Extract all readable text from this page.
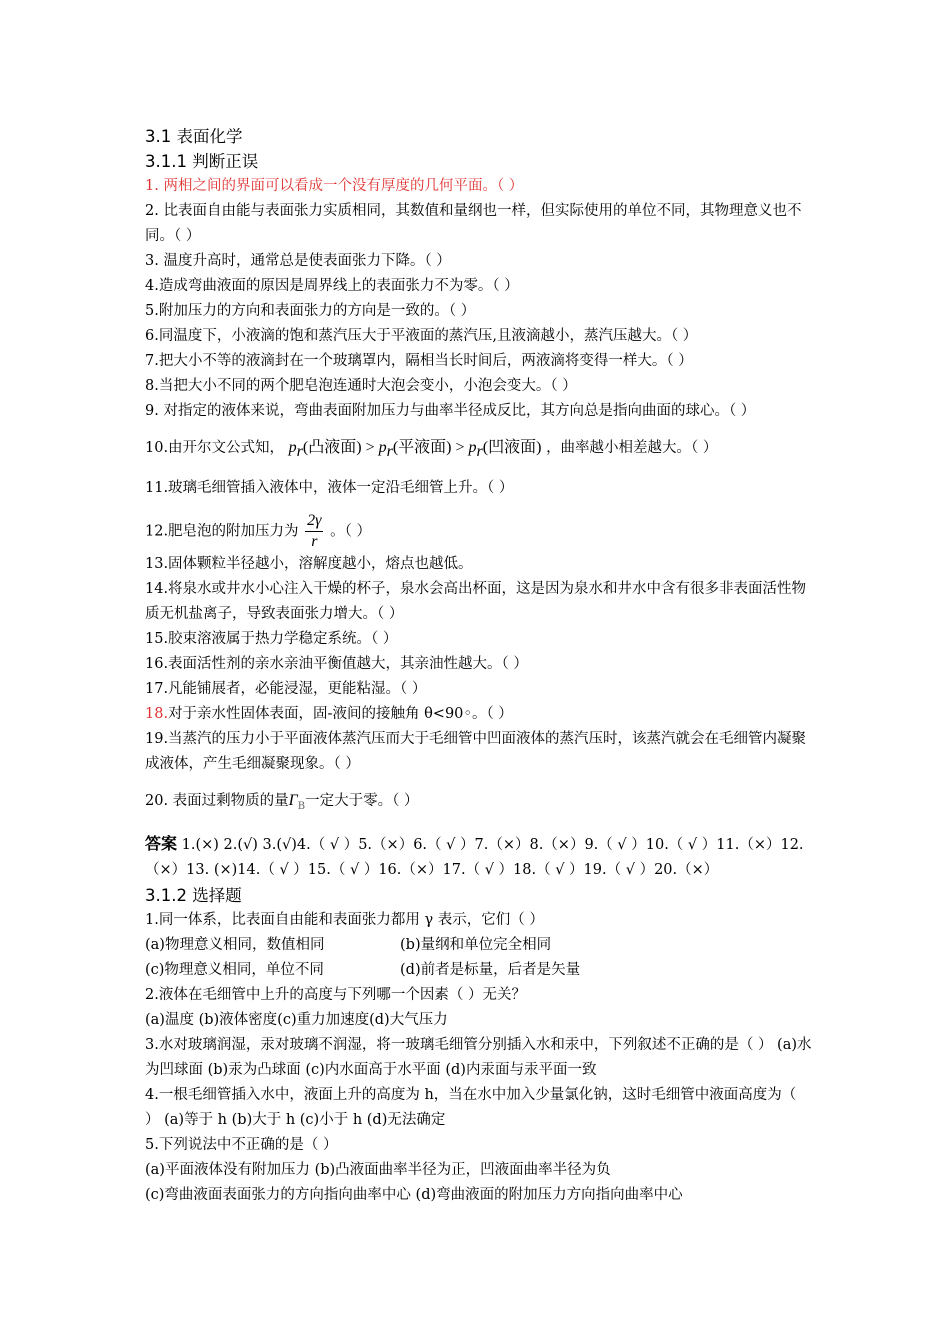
3.1 表面化学
3.1.1 判断正误

1. 两相之间的界面可以看成一个没有厚度的几何平面。（ ）

2. 比表面自由能与表面张力实质相同，其数值和量纲也一样，但实际使用的单位不同，其物理意义也不同。（ ）

3. 温度升高时，通常总是使表面张力下降。（ ）

4.造成弯曲液面的原因是周界线上的表面张力不为零。（ ）

5.附加压力的方向和表面张力的方向是一致的。（ ）

6.同温度下，小液滴的饱和蒸汽压大于平液面的蒸汽压,且液滴越小，蒸汽压越大。（ ）

7.把大小不等的液滴封在一个玻璃罩内，隔相当长时间后，两液滴将变得一样大。（ ）

8.当把大小不同的两个肥皂泡连通时大泡会变小，小泡会变大。（ ）

9. 对指定的液体来说，弯曲表面附加压力与曲率半径成反比，其方向总是指向曲面的球心。（ ）

10.由开尔文公式知， $p_r$(凸液面) > $p_r$(平液面) > $p_r$(凹液面) ，曲率越小相差越大。（ ）

11.玻璃毛细管插入液体中，液体一定沿毛细管上升。（ ）

12.肥皂泡的附加压力为 $\frac{2\gamma}{r}$ 。（ ）

13.固体颗粒半径越小，溶解度越小，熔点也越低。

14.将泉水或井水小心注入干燥的杯子，泉水会高出杯面，这是因为泉水和井水中含有很多非表面活性物质无机盐离子，导致表面张力增大。（ ）

15.胶束溶液属于热力学稳定系统。（ ）

16.表面活性剂的亲水亲油平衡值越大，其亲油性越大。（ ）

17.凡能铺展者，必能浸湿，更能粘湿。（ ）

18.对于亲水性固体表面，固-液间的接触角 θ<90◦。（ ）

19.当蒸汽的压力小于平面液体蒸汽压而大于毛细管中凹面液体的蒸汽压时，该蒸汽就会在毛细管内凝聚成液体，产生毛细凝聚现象。（ ）

20. 表面过剩物质的量$\Gamma_B$一定大于零。（ ）

答案 1.(×) 2.(√) 3.(√)4.（ √ ）5.（×）6.（ √ ）7.（×）8.（×）9.（ √ ）10.（ √ ）11.（×）12.（×）13. (×)14.（ √ ）15.（ √ ）16.（×）17.（ √ ）18.（ √ ）19.（ √ ）20.（×）

3.1.2 选择题

1.同一体系，比表面自由能和表面张力都用 γ 表示，它们（ ）

(a)物理意义相同，数值相同	(b)量纲和单位完全相同
(c)物理意义相同，单位不同	(d)前者是标量，后者是矢量

2.液体在毛细管中上升的高度与下列哪一个因素（ ）无关？

(a)温度 (b)液体密度(c)重力加速度(d)大气压力

3.水对玻璃润湿，汞对玻璃不润湿，将一玻璃毛细管分别插入水和汞中，下列叙述不正确的是（ ） (a)水为凹球面 (b)汞为凸球面 (c)内水面高于水平面 (d)内汞面与汞平面一致

4.一根毛细管插入水中，液面上升的高度为 h，当在水中加入少量氯化钠，这时毛细管中液面高度为（ ） (a)等于 h (b)大于 h (c)小于 h (d)无法确定

5.下列说法中不正确的是（ ）

(a)平面液体没有附加压力 (b)凸液面曲率半径为正，凹液面曲率半径为负

(c)弯曲液面表面张力的方向指向曲率中心 (d)弯曲液面的附加压力方向指向曲率中心
